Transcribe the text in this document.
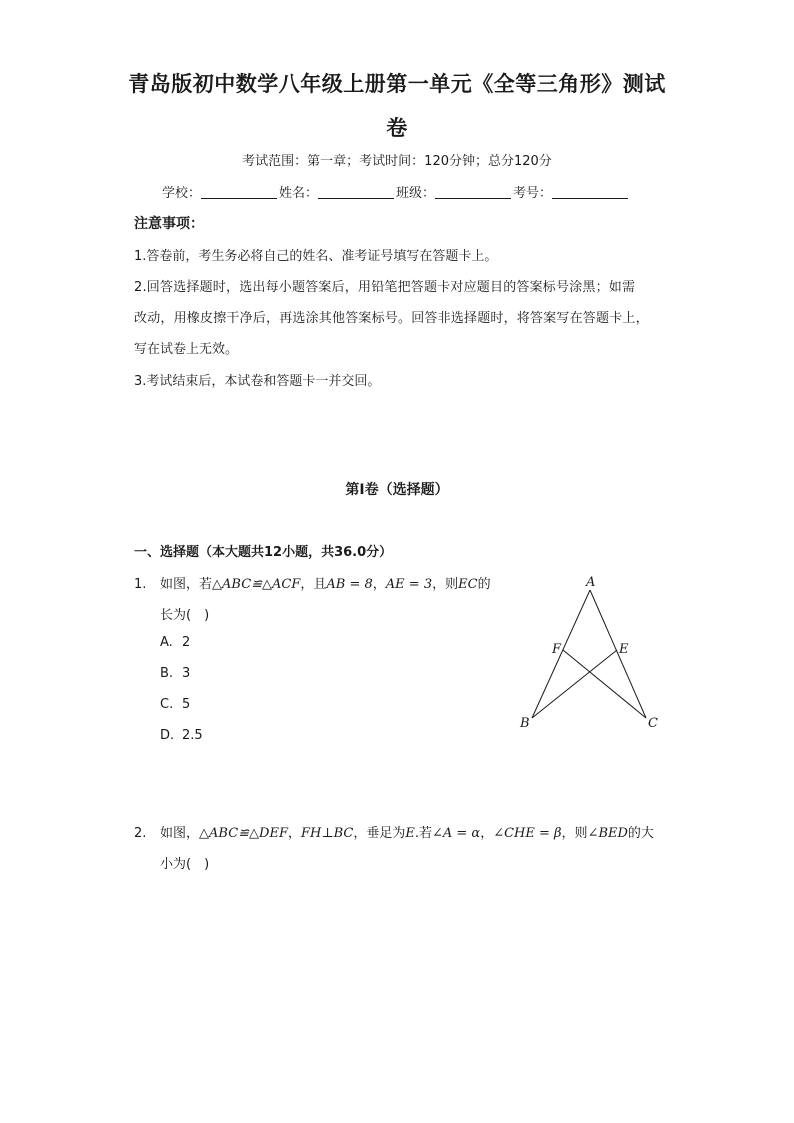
青岛版初中数学八年级上册第一单元《全等三角形》测试
卷
考试范围：第一章；考试时间：120分钟；总分120分
学校：	姓名：	班级：	考号：
注意事项：
1.答卷前，考生务必将自己的姓名、准考证号填写在答题卡上。
2.回答选择题时，选出每小题答案后，用铅笔把答题卡对应题目的答案标号涂黑；如需
改动，用橡皮擦干净后，再选涂其他答案标号。回答非选择题时，将答案写在答题卡上，
写在试卷上无效。
3.考试结束后，本试卷和答题卡一并交回。
第Ⅰ卷（选择题）
一、选择题（本大题共12小题，共36.0分）
1. 如图，若△ABC≌△ACF，且AB = 8，AE = 3，则EC的
长为(　)
A. 2
B. 3
C. 5
D. 2.5
A
B	C
E
F
2. 如图，△ABC≌△DEF，FH⊥BC，垂足为E.若∠A = α，∠CHE = β，则∠BED的大
小为(　)
